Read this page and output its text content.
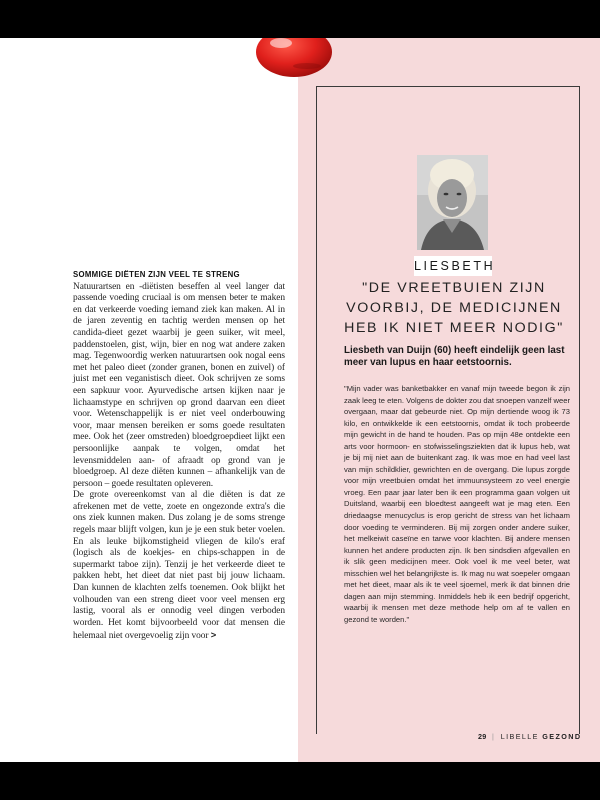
SOMMIGE DIËTEN ZIJN VEEL TE STRENG

Natuurartsen en -diëtisten beseffen al veel langer dat passende voeding cruciaal is om mensen beter te maken en dat verkeerde voeding iemand ziek kan maken. Al in de jaren zeventig en tachtig werden mensen op het candida-dieet gezet waarbij je geen suiker, wit meel, paddenstoelen, gist, wijn, bier en nog wat andere zaken mag. Tegenwoordig werken natuurartsen ook nogal eens met het paleo dieet (zonder granen, bonen en zuivel) of juist met een veganistisch dieet. Ook schrijven ze soms een sapkuur voor. Ayurvedische artsen kijken naar je lichaamstype en schrijven op grond daarvan een dieet voor. Wetenschappelijk is er niet veel onderbouwing voor, maar mensen bereiken er soms goede resultaten mee. Ook het (zeer omstreden) bloedgroepdieet lijkt een persoonlijke aanpak te volgen, omdat het levensmiddelen aan- of afraadt op grond van je bloedgroep. Al deze diëten kunnen – afhankelijk van de persoon – goede resultaten opleveren.

De grote overeenkomst van al die diëten is dat ze afrekenen met de vette, zoete en ongezonde extra's die ons ziek kunnen maken. Dus zolang je de soms strenge regels maar blijft volgen, kun je je een stuk beter voelen. En als leuke bijkomstigheid vliegen de kilo's eraf (logisch als de koekjes- en chips-schappen in de supermarkt taboe zijn). Tenzij je het verkeerde dieet te pakken hebt, het dieet dat niet past bij jouw lichaam. Dan kunnen de klachten zelfs toenemen. Ook blijkt het volhouden van een streng dieet voor veel mensen erg lastig, vooral als er onnodig veel dingen verboden worden. Het komt bijvoorbeeld voor dat mensen die helemaal niet overgevoelig zijn voor >

LIESBETH
"DE VREETBUIEN ZIJN VOORBIJ, DE MEDICIJNEN HEB IK NIET MEER NODIG"
Liesbeth van Duijn (60) heeft eindelijk geen last meer van lupus en haar eetstoornis.

"Mijn vader was banketbakker en vanaf mijn tweede begon ik zijn zaak leeg te eten. Volgens de dokter zou dat snoepen vanzelf weer overgaan, maar dat gebeurde niet. Op mijn dertiende woog ik 73 kilo, en ontwikkelde ik een eetstoornis, omdat ik toch probeerde mijn gewicht in de hand te houden. Pas op mijn 48e ontdekte een arts voor hormoon- en stofwisselingsziekten dat ik lupus heb, wat je bij mij niet aan de buitenkant zag. Ik was moe en had veel last van mijn schildklier, gewrichten en de overgang. Die lupus zorgde voor mijn vreetbuien omdat het immuunsysteem zo veel energie vroeg. Een paar jaar later ben ik een programma gaan volgen uit Duitsland, waarbij een bloedtest aangeeft wat je mag eten. Een driedaagse menucyclus is erop gericht de stress van het lichaam door voeding te verminderen. Bij mij zorgen onder andere suiker, het melkeiwit caseïne en tarwe voor klachten. Bij andere mensen kunnen het andere producten zijn. Ik ben sindsdien afgevallen en ik slik geen medicijnen meer. Ook voel ik me veel beter, wat misschien wel het belangrijkste is. Ik mag nu wat soepeler omgaan met het dieet, maar als ik te veel sjoemel, merk ik dat binnen drie dagen aan mijn stemming. Inmiddels heb ik een bedrijf opgericht, waarbij ik mensen met deze methode help om af te vallen en gezond te worden."

29 | LIBELLE GEZOND
